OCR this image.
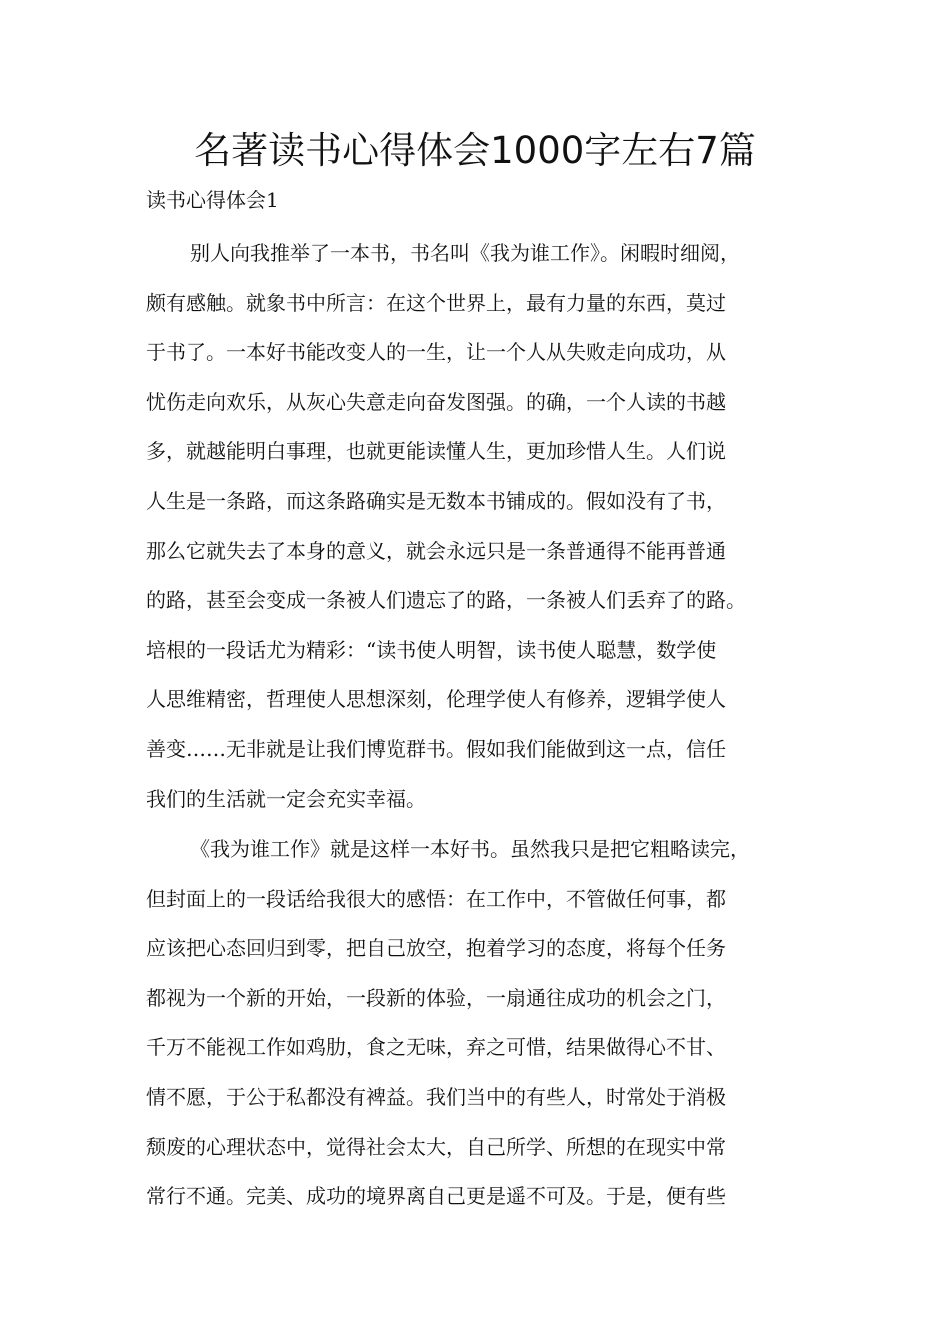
名著读书心得体会1000字左右7篇
读书心得体会1
别人向我推举了一本书，书名叫《我为谁工作》。闲暇时细阅，
颇有感触。就象书中所言：在这个世界上，最有力量的东西，莫过
于书了。一本好书能改变人的一生，让一个人从失败走向成功，从
忧伤走向欢乐，从灰心失意走向奋发图强。的确，一个人读的书越
多，就越能明白事理，也就更能读懂人生，更加珍惜人生。人们说
人生是一条路，而这条路确实是无数本书铺成的。假如没有了书，
那么它就失去了本身的意义，就会永远只是一条普通得不能再普通
的路，甚至会变成一条被人们遗忘了的路，一条被人们丢弃了的路。
培根的一段话尤为精彩：“读书使人明智，读书使人聪慧，数学使
人思维精密，哲理使人思想深刻，伦理学使人有修养，逻辑学使人
善变……无非就是让我们博览群书。假如我们能做到这一点，信任
我们的生活就一定会充实幸福。
《我为谁工作》就是这样一本好书。虽然我只是把它粗略读完，
但封面上的一段话给我很大的感悟：在工作中，不管做任何事，都
应该把心态回归到零，把自己放空，抱着学习的态度，将每个任务
都视为一个新的开始，一段新的体验，一扇通往成功的机会之门，
千万不能视工作如鸡肋，食之无味，弃之可惜，结果做得心不甘、
情不愿，于公于私都没有裨益。我们当中的有些人，时常处于消极
颓废的心理状态中，觉得社会太大，自己所学、所想的在现实中常
常行不通。完美、成功的境界离自己更是遥不可及。于是，便有些
